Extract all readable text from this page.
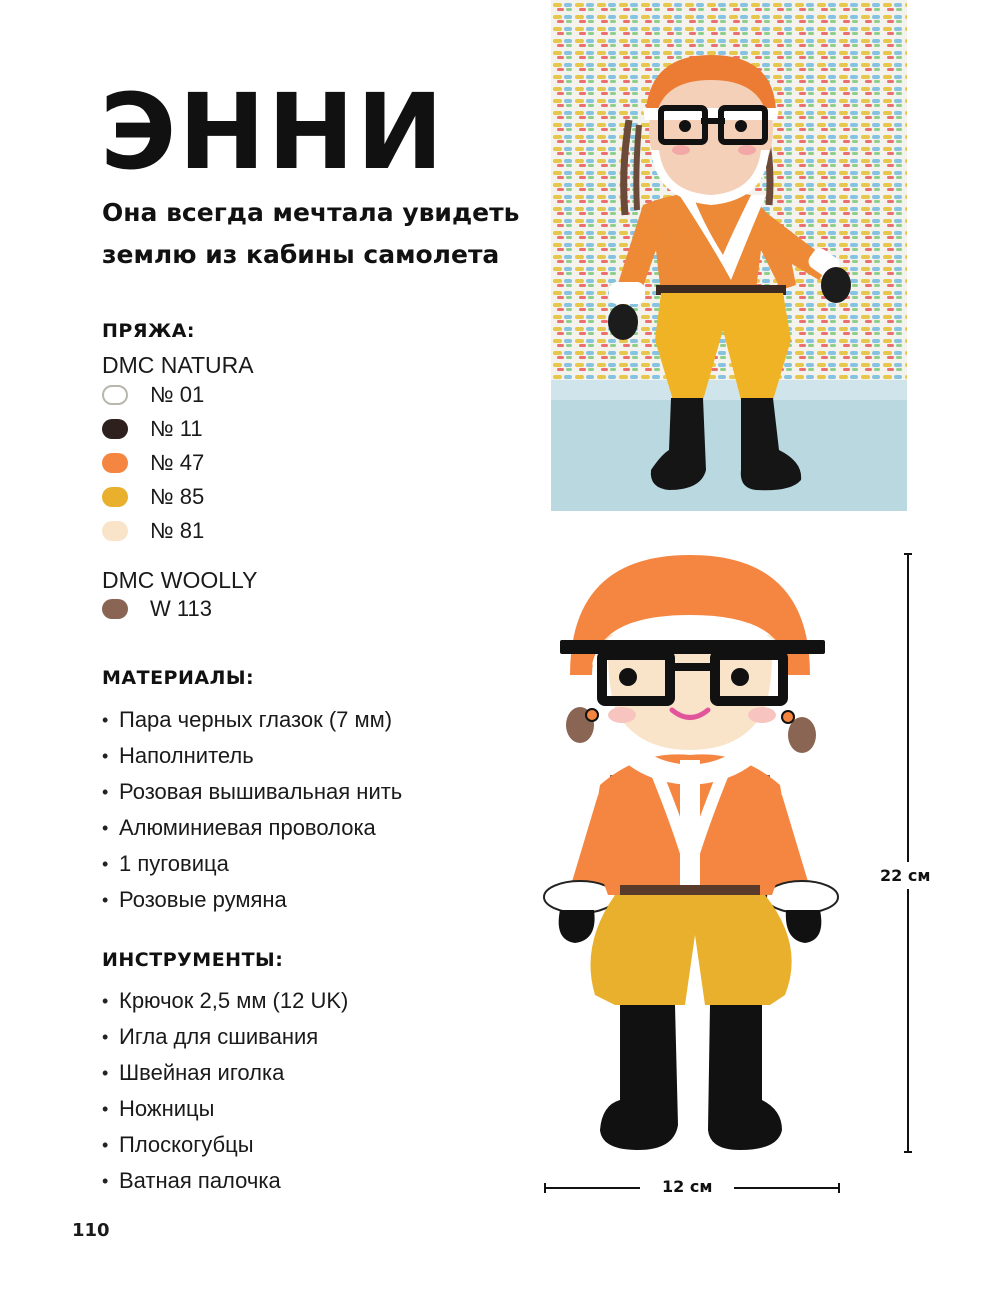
ЭННИ
Она всегда мечтала увидеть землю из кабины самолета
ПРЯЖА:
DMC NATURA
№ 01
№ 11
№ 47
№ 85
№ 81
DMC WOOLLY
W 113
МАТЕРИАЛЫ:
• Пара черных глазок (7 мм)
• Наполнитель
• Розовая вышивальная нить
• Алюминиевая проволока
• 1 пуговица
• Розовые румяна
ИНСТРУМЕНТЫ:
• Крючок 2,5 мм (12 UK)
• Игла для сшивания
• Швейная иголка
• Ножницы
• Плоскогубцы
• Ватная палочка
110
22 см
12 см
